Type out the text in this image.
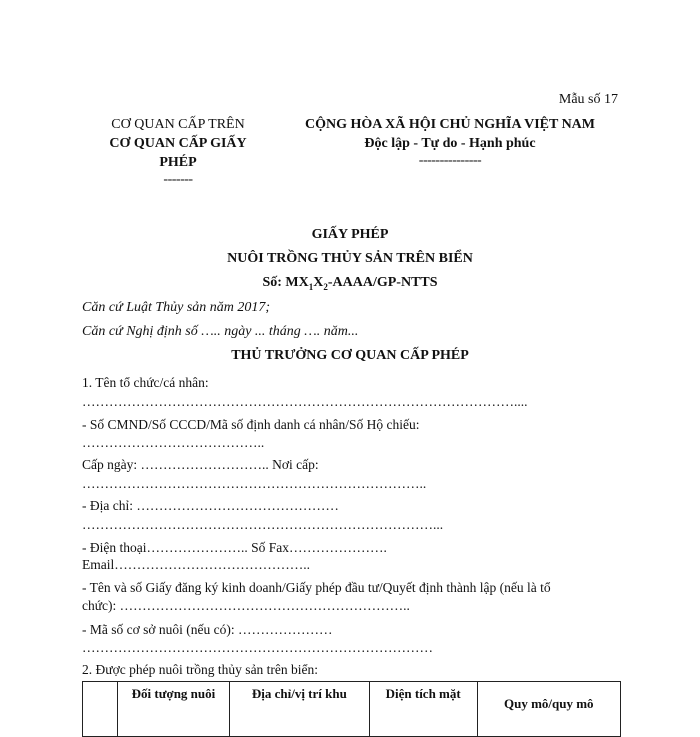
Mẫu số 17
CƠ QUAN CẤP TRÊN
CƠ QUAN CẤP GIẤY
PHÉP
-------
CỘNG HÒA XÃ HỘI CHỦ NGHĨA VIỆT NAM
Độc lập - Tự do - Hạnh phúc
---------------
GIẤY PHÉP
NUÔI TRỒNG THỦY SẢN TRÊN BIỂN
Số: $MX_1X_2-AAAA/GP$-NTTS
Căn cứ Luật Thủy sản năm 2017;
Căn cứ Nghị định số ….. ngày ... tháng …. năm...
THỦ TRƯỞNG CƠ QUAN CẤP PHÉP
1. Tên tổ chức/cá nhân:
……………………………………………………………………………………....
- Số CMND/Số CCCD/Mã số định danh cá nhân/Số Hộ chiếu:
…………………………………..
Cấp ngày: ……………………….. Nơi cấp:
…………………………………………………………………..
- Địa chỉ: ………………………………………
……………………………………………………………………...
- Điện thoại………………….. Số Fax………………….
Email……………………………………..
- Tên và số Giấy đăng ký kinh doanh/Giấy phép đầu tư/Quyết định thành lập (nếu là tổ
chức): ………………………………………………………..
- Mã số cơ sở nuôi (nếu có): …………………
……………………………………………………………………
2. Được phép nuôi trồng thủy sản trên biển:
	Đối tượng nuôi	Địa chỉ/vị trí khu	Diện tích mặt	Quy mô/quy mô
